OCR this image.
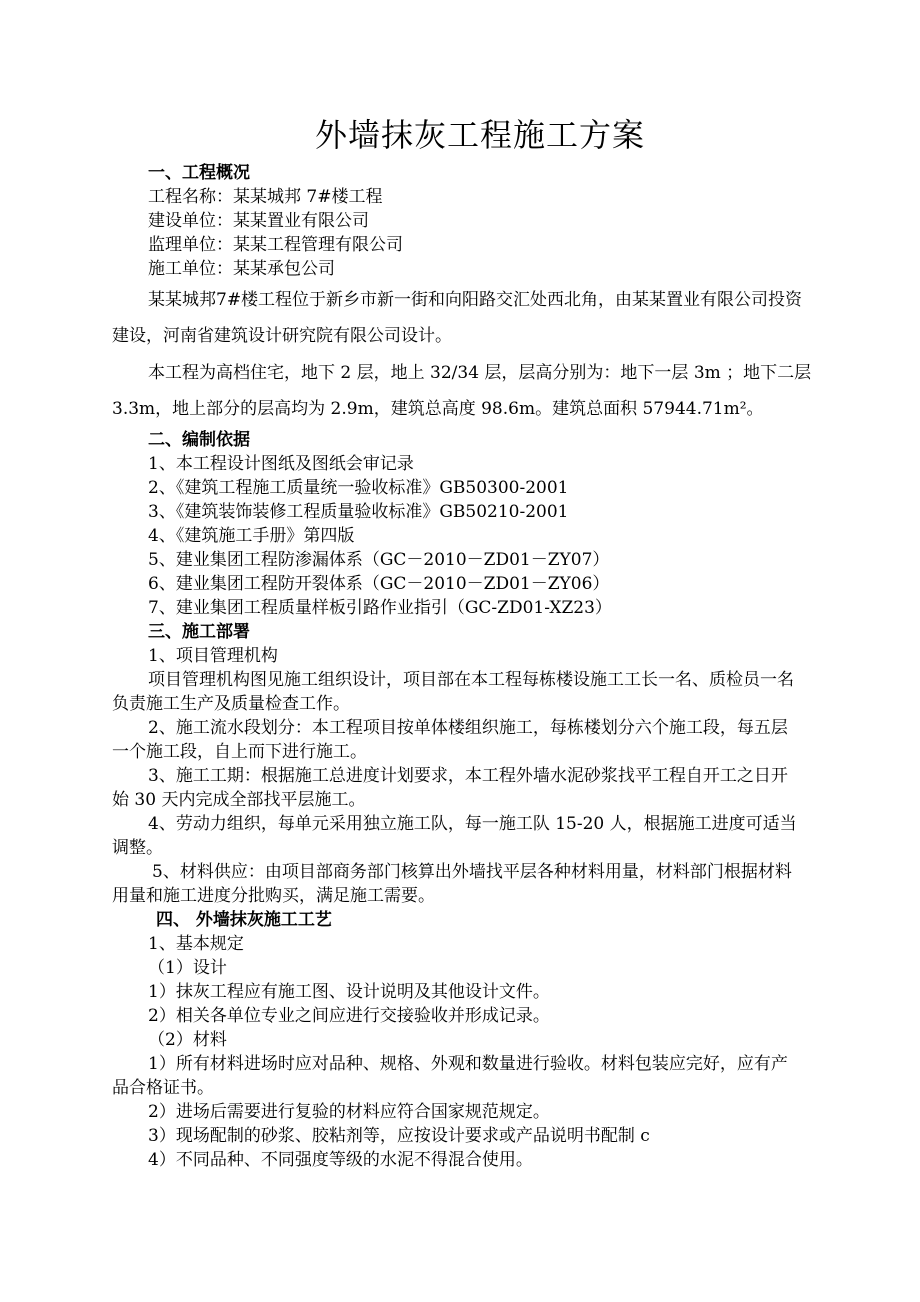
外墙抹灰工程施工方案
一、工程概况
工程名称：某某城邦 7#楼工程
建设单位：某某置业有限公司
监理单位：某某工程管理有限公司
施工单位：某某承包公司
某某城邦7#楼工程位于新乡市新一街和向阳路交汇处西北角，由某某置业有限公司投资
建设，河南省建筑设计研究院有限公司设计。
本工程为高档住宅，地下 2 层，地上 32/34 层，层高分别为：地下一层 3m ；地下二层
3.3m，地上部分的层高均为 2.9m，建筑总高度 98.6m。建筑总面积 57944.71m²。
二、编制依据
1、本工程设计图纸及图纸会审记录
2、《建筑工程施工质量统一验收标准》GB50300-2001
3、《建筑装饰装修工程质量验收标准》GB50210-2001
4、《建筑施工手册》第四版
5、建业集团工程防渗漏体系（GC－2010－ZD01－ZY07）
6、建业集团工程防开裂体系（GC－2010－ZD01－ZY06）
7、建业集团工程质量样板引路作业指引（GC-ZD01-XZ23）
三、施工部署
1、项目管理机构
项目管理机构图见施工组织设计，项目部在本工程每栋楼设施工工长一名、质检员一名
负责施工生产及质量检查工作。
2、施工流水段划分：本工程项目按单体楼组织施工，每栋楼划分六个施工段，每五层
一个施工段，自上而下进行施工。
3、施工工期：根据施工总进度计划要求，本工程外墙水泥砂浆找平工程自开工之日开
始 30 天内完成全部找平层施工。
4、劳动力组织，每单元采用独立施工队，每一施工队 15-20 人，根据施工进度可适当
调整。
5、材料供应：由项目部商务部门核算出外墙找平层各种材料用量，材料部门根据材料
用量和施工进度分批购买，满足施工需要。
四、 外墙抹灰施工工艺
1、基本规定
（1）设计
1）抹灰工程应有施工图、设计说明及其他设计文件。
2）相关各单位专业之间应进行交接验收并形成记录。
（2）材料
1）所有材料进场时应对品种、规格、外观和数量进行验收。材料包装应完好，应有产
品合格证书。
2）进场后需要进行复验的材料应符合国家规范规定。
3）现场配制的砂浆、胶粘剂等，应按设计要求或产品说明书配制 c
4）不同品种、不同强度等级的水泥不得混合使用。
